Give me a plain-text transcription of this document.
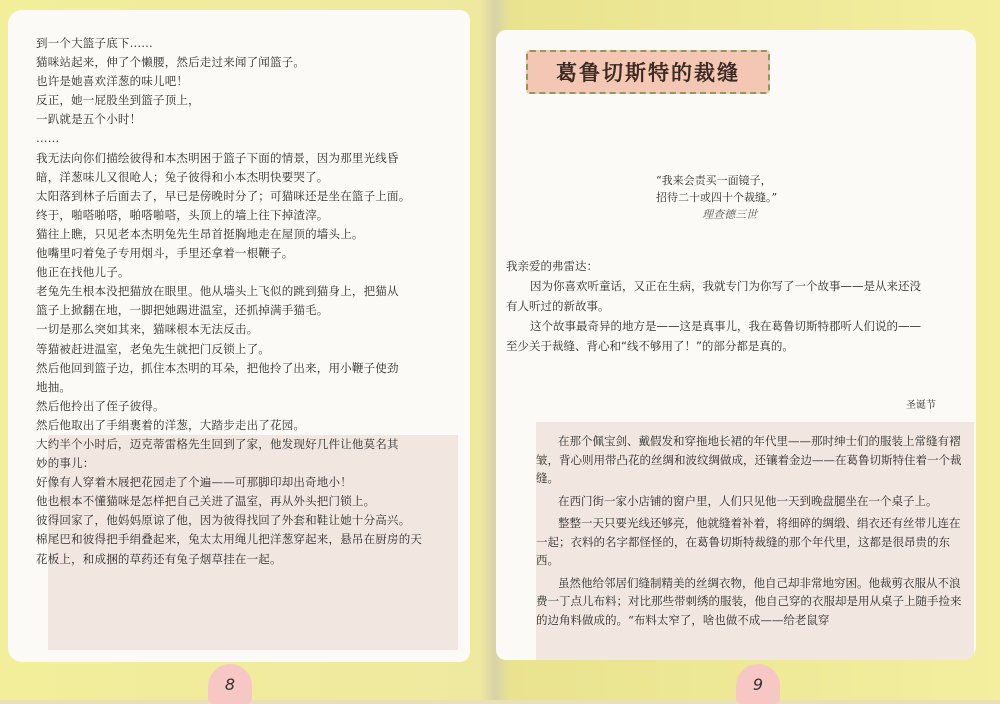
到一个大篮子底下……
猫咪站起来，伸了个懒腰，然后走过来闻了闻篮子。
也许是她喜欢洋葱的味儿吧！
反正，她一屁股坐到篮子顶上，
一趴就是五个小时！
……
我无法向你们描绘彼得和本杰明困于篮子下面的情景，因为那里光线昏
暗，洋葱味儿又很呛人；兔子彼得和小本杰明快要哭了。
太阳落到林子后面去了，早已是傍晚时分了；可猫咪还是坐在篮子上面。
终于，啪嗒啪嗒，啪嗒啪嗒，头顶上的墙上往下掉渣滓。
猫往上瞧，只见老本杰明兔先生昂首挺胸地走在屋顶的墙头上。
他嘴里叼着兔子专用烟斗，手里还拿着一根鞭子。
他正在找他儿子。
老兔先生根本没把猫放在眼里。他从墙头上飞似的跳到猫身上，把猫从
篮子上掀翻在地，一脚把她踢进温室，还抓掉满手猫毛。
一切是那么突如其来，猫咪根本无法反击。
等猫被赶进温室，老兔先生就把门反锁上了。
然后他回到篮子边，抓住本杰明的耳朵，把他拎了出来，用小鞭子使劲
地抽。
然后他拎出了侄子彼得。
然后他取出了手绢裹着的洋葱，大踏步走出了花园。
大约半个小时后，迈克蒂雷格先生回到了家，他发现好几件让他莫名其
妙的事儿：
好像有人穿着木屐把花园走了个遍——可那脚印却出奇地小！
他也根本不懂猫咪是怎样把自己关进了温室，再从外头把门锁上。
彼得回家了，他妈妈原谅了他，因为彼得找回了外套和鞋让她十分高兴。
棉尾巴和彼得把手绢叠起来，兔太太用绳儿把洋葱穿起来，悬吊在厨房的天
花板上，和成捆的草药还有兔子烟草挂在一起。
葛鲁切斯特的裁缝
“我来会责买一面镜子，
招待二十或四十个裁缝。”
理查德三世

我亲爱的弗雷达：

因为你喜欢听童话，又正在生病，我就专门为你写了一个故事——是从来还没

有人听过的新故事。

这个故事最奇异的地方是——这是真事儿，我在葛鲁切斯特郡听人们说的——

至少关于裁缝、背心和“线不够用了！”的部分都是真的。

圣诞节

在那个佩宝剑、戴假发和穿拖地长裙的年代里——那时绅士们的服装上常缝有褶皱，背心则用带凸花的丝绸和波纹绸做成，还镶着金边——在葛鲁切斯特住着一个裁缝。

在西门街一家小店铺的窗户里，人们只见他一天到晚盘腿坐在一个桌子上。

整整一天只要光线还够亮，他就缝着补着，将细碎的绸缎、绢衣还有丝带儿连在一起；衣料的名字都怪怪的，在葛鲁切斯特裁缝的那个年代里，这都是很昂贵的东西。

虽然他给邻居们缝制精美的丝绸衣物，他自己却非常地穷困。他裁剪衣服从不浪费一丁点儿布料；对比那些带刺绣的服装，他自己穿的衣服却是用从桌子上随手捡来的边角料做成的。“布料太窄了，啥也做不成——给老鼠穿

8	9
